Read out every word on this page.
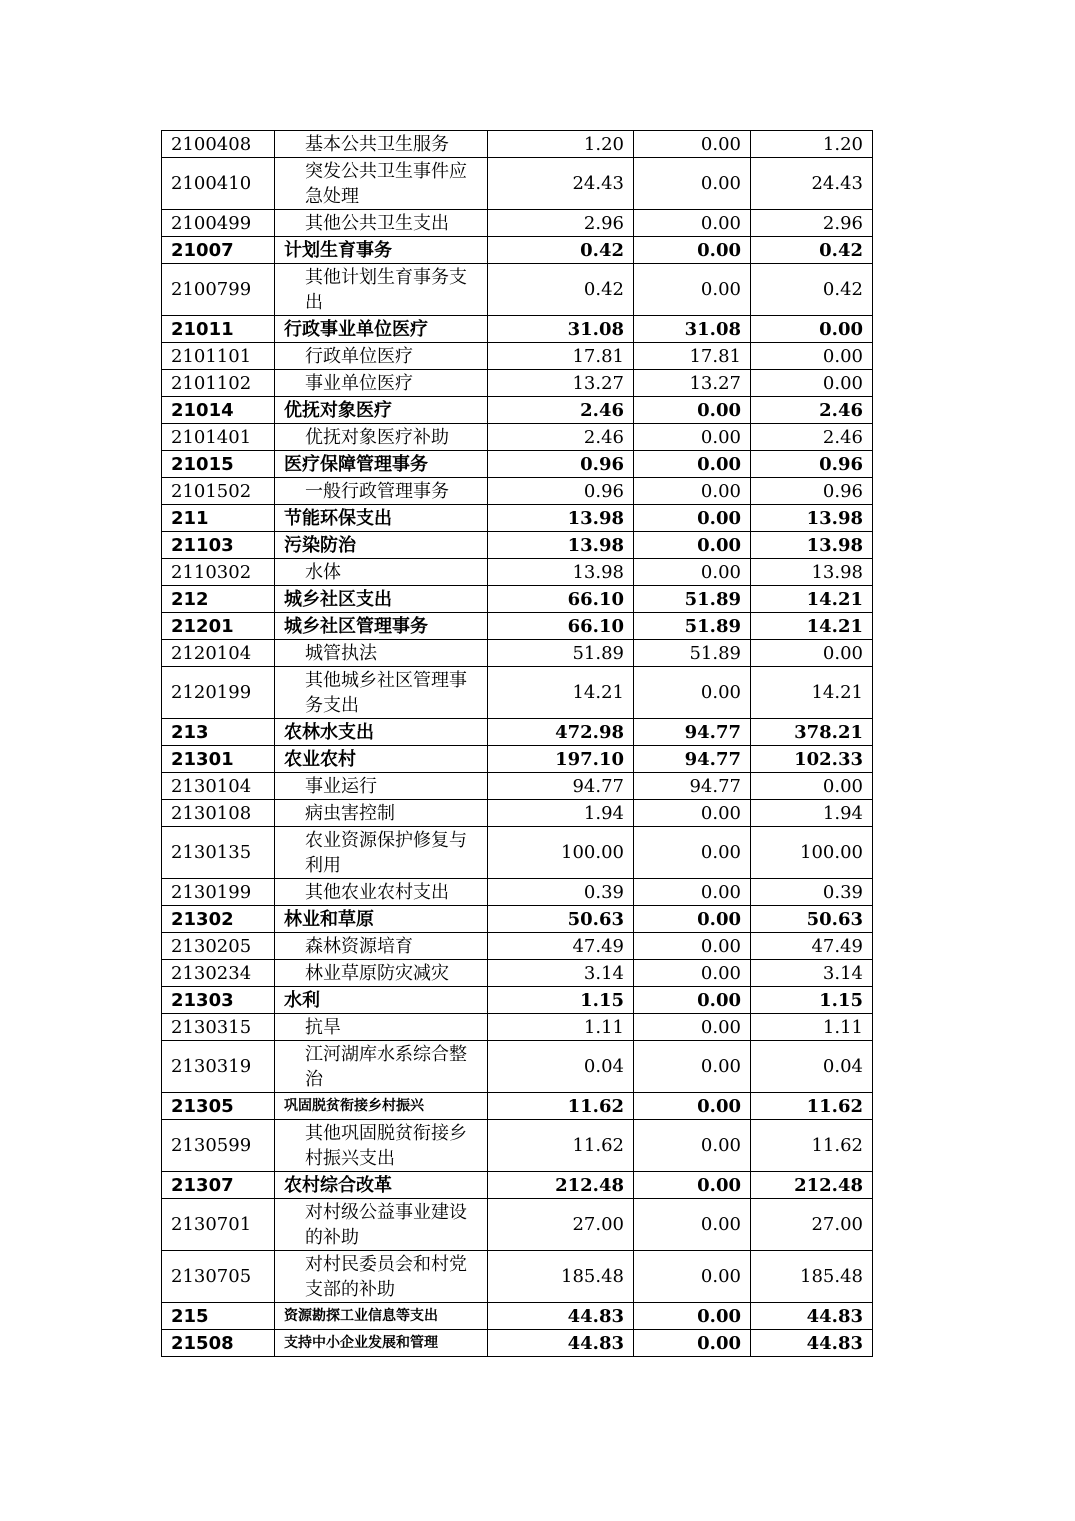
2100408	基本公共卫生服务	1.20	0.00	1.20
2100410	突发公共卫生事件应急处理	24.43	0.00	24.43
2100499	其他公共卫生支出	2.96	0.00	2.96
21007	计划生育事务	0.42	0.00	0.42
2100799	其他计划生育事务支出	0.42	0.00	0.42
21011	行政事业单位医疗	31.08	31.08	0.00
2101101	行政单位医疗	17.81	17.81	0.00
2101102	事业单位医疗	13.27	13.27	0.00
21014	优抚对象医疗	2.46	0.00	2.46
2101401	优抚对象医疗补助	2.46	0.00	2.46
21015	医疗保障管理事务	0.96	0.00	0.96
2101502	一般行政管理事务	0.96	0.00	0.96
211	节能环保支出	13.98	0.00	13.98
21103	污染防治	13.98	0.00	13.98
2110302	水体	13.98	0.00	13.98
212	城乡社区支出	66.10	51.89	14.21
21201	城乡社区管理事务	66.10	51.89	14.21
2120104	城管执法	51.89	51.89	0.00
2120199	其他城乡社区管理事务支出	14.21	0.00	14.21
213	农林水支出	472.98	94.77	378.21
21301	农业农村	197.10	94.77	102.33
2130104	事业运行	94.77	94.77	0.00
2130108	病虫害控制	1.94	0.00	1.94
2130135	农业资源保护修复与利用	100.00	0.00	100.00
2130199	其他农业农村支出	0.39	0.00	0.39
21302	林业和草原	50.63	0.00	50.63
2130205	森林资源培育	47.49	0.00	47.49
2130234	林业草原防灾减灾	3.14	0.00	3.14
21303	水利	1.15	0.00	1.15
2130315	抗旱	1.11	0.00	1.11
2130319	江河湖库水系综合整治	0.04	0.00	0.04
21305	巩固脱贫衔接乡村振兴	11.62	0.00	11.62
2130599	其他巩固脱贫衔接乡村振兴支出	11.62	0.00	11.62
21307	农村综合改革	212.48	0.00	212.48
2130701	对村级公益事业建设的补助	27.00	0.00	27.00
2130705	对村民委员会和村党支部的补助	185.48	0.00	185.48
215	资源勘探工业信息等支出	44.83	0.00	44.83
21508	支持中小企业发展和管理	44.83	0.00	44.83
